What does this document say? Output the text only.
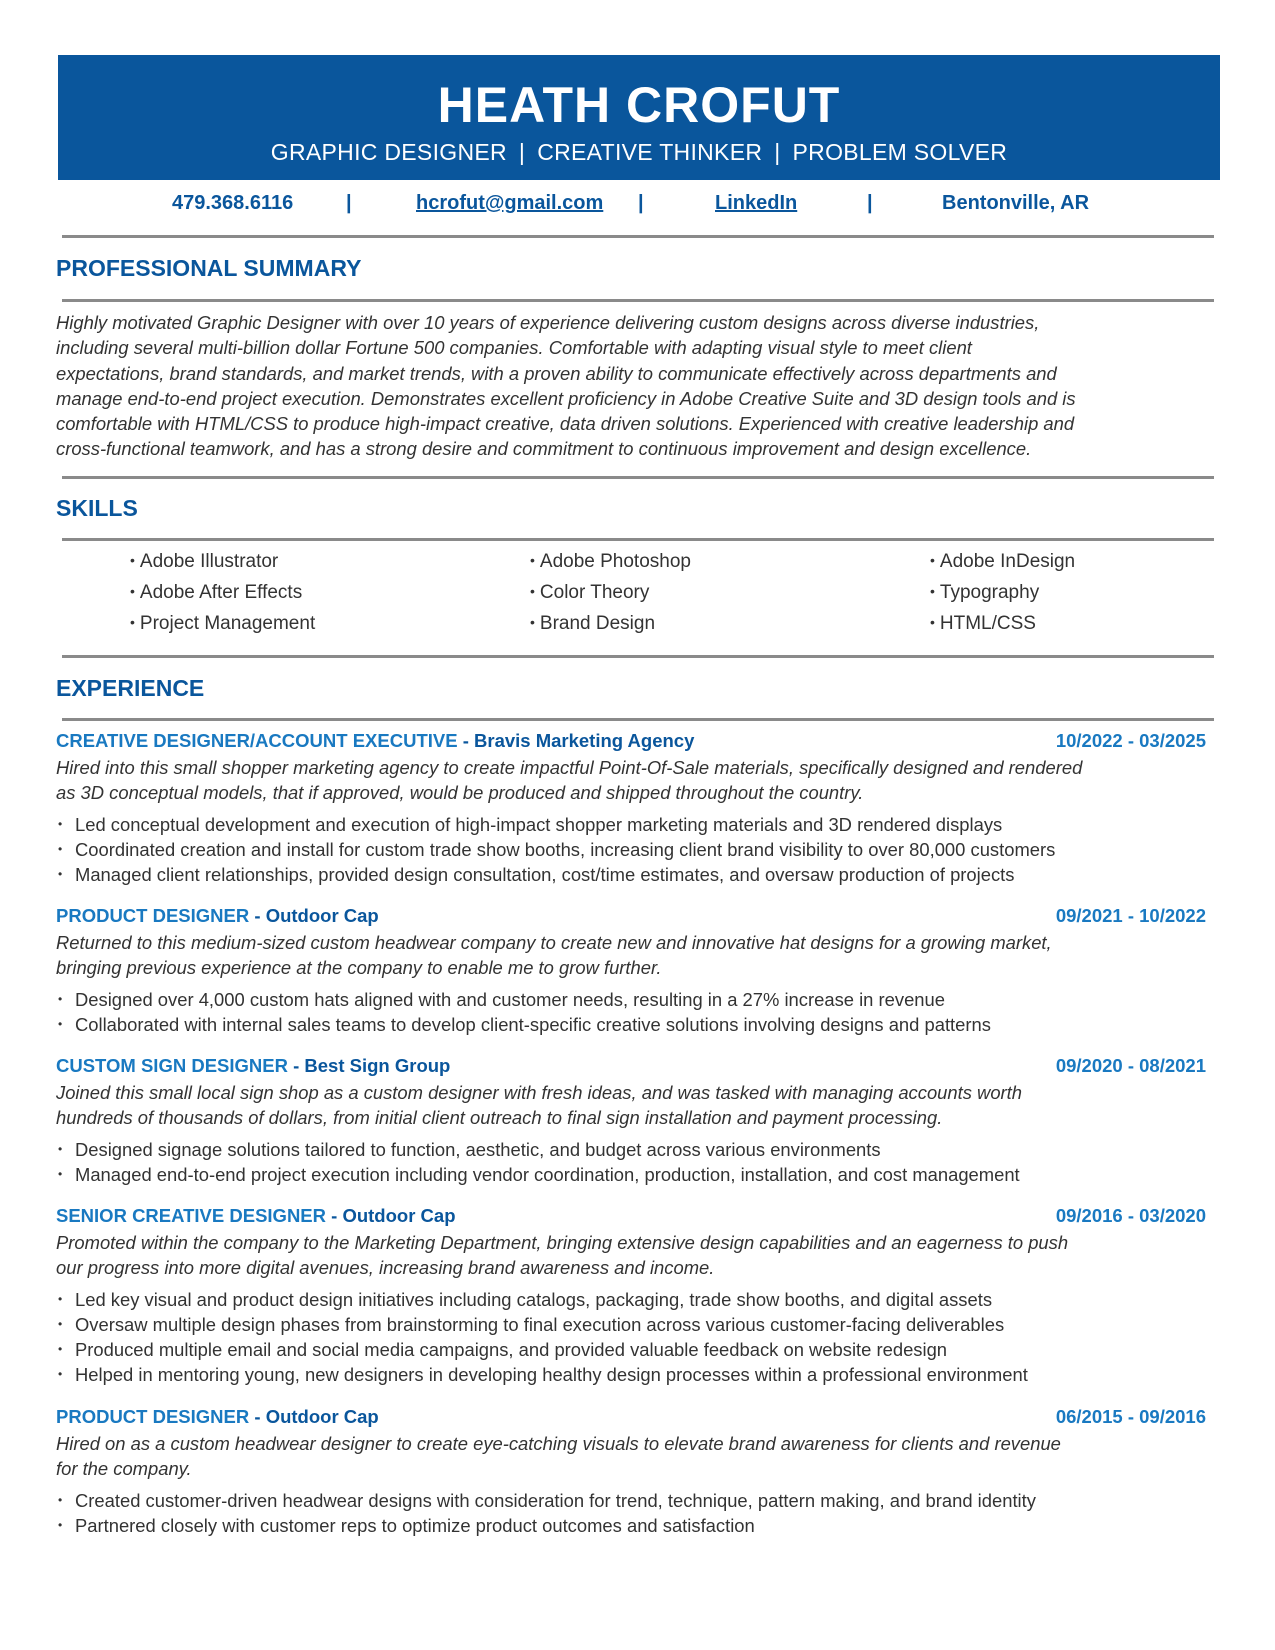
HEATH CROFUT
GRAPHIC DESIGNER | CREATIVE THINKER | PROBLEM SOLVER
479.368.6116	|	hcrofut@gmail.com |	LinkedIn	|	Bentonville, AR
PROFESSIONAL SUMMARY
Highly motivated Graphic Designer with over 10 years of experience delivering custom designs across diverse industries,
including several multi-billion dollar Fortune 500 companies. Comfortable with adapting visual style to meet client
expectations, brand standards, and market trends, with a proven ability to communicate effectively across departments and
manage end-to-end project execution. Demonstrates excellent proficiency in Adobe Creative Suite and 3D design tools and is
comfortable with HTML/CSS to produce high-impact creative, data driven solutions. Experienced with creative leadership and
cross-functional teamwork, and has a strong desire and commitment to continuous improvement and design excellence.
SKILLS
• Adobe Illustrator	• Adobe Photoshop	• Adobe InDesign
• Adobe After Effects	• Color Theory	• Typography
• Project Management	• Brand Design	• HTML/CSS
EXPERIENCE
CREATIVE DESIGNER/ACCOUNT EXECUTIVE - Bravis Marketing Agency	10/2022 - 03/2025
Hired into this small shopper marketing agency to create impactful Point-Of-Sale materials, specifically designed and rendered
as 3D conceptual models, that if approved, would be produced and shipped throughout the country.
• Led conceptual development and execution of high-impact shopper marketing materials and 3D rendered displays
• Coordinated creation and install for custom trade show booths, increasing client brand visibility to over 80,000 customers
• Managed client relationships, provided design consultation, cost/time estimates, and oversaw production of projects
PRODUCT DESIGNER - Outdoor Cap	09/2021 - 10/2022
Returned to this medium-sized custom headwear company to create new and innovative hat designs for a growing market,
bringing previous experience at the company to enable me to grow further.
• Designed over 4,000 custom hats aligned with and customer needs, resulting in a 27% increase in revenue
• Collaborated with internal sales teams to develop client-specific creative solutions involving designs and patterns
CUSTOM SIGN DESIGNER - Best Sign Group	09/2020 - 08/2021
Joined this small local sign shop as a custom designer with fresh ideas, and was tasked with managing accounts worth
hundreds of thousands of dollars, from initial client outreach to final sign installation and payment processing.
• Designed signage solutions tailored to function, aesthetic, and budget across various environments
• Managed end-to-end project execution including vendor coordination, production, installation, and cost management
SENIOR CREATIVE DESIGNER - Outdoor Cap	09/2016 - 03/2020
Promoted within the company to the Marketing Department, bringing extensive design capabilities and an eagerness to push
our progress into more digital avenues, increasing brand awareness and income.
• Led key visual and product design initiatives including catalogs, packaging, trade show booths, and digital assets
• Oversaw multiple design phases from brainstorming to final execution across various customer-facing deliverables
• Produced multiple email and social media campaigns, and provided valuable feedback on website redesign
• Helped in mentoring young, new designers in developing healthy design processes within a professional environment
PRODUCT DESIGNER - Outdoor Cap	06/2015 - 09/2016
Hired on as a custom headwear designer to create eye-catching visuals to elevate brand awareness for clients and revenue
for the company.
• Created customer-driven headwear designs with consideration for trend, technique, pattern making, and brand identity
• Partnered closely with customer reps to optimize product outcomes and satisfaction
